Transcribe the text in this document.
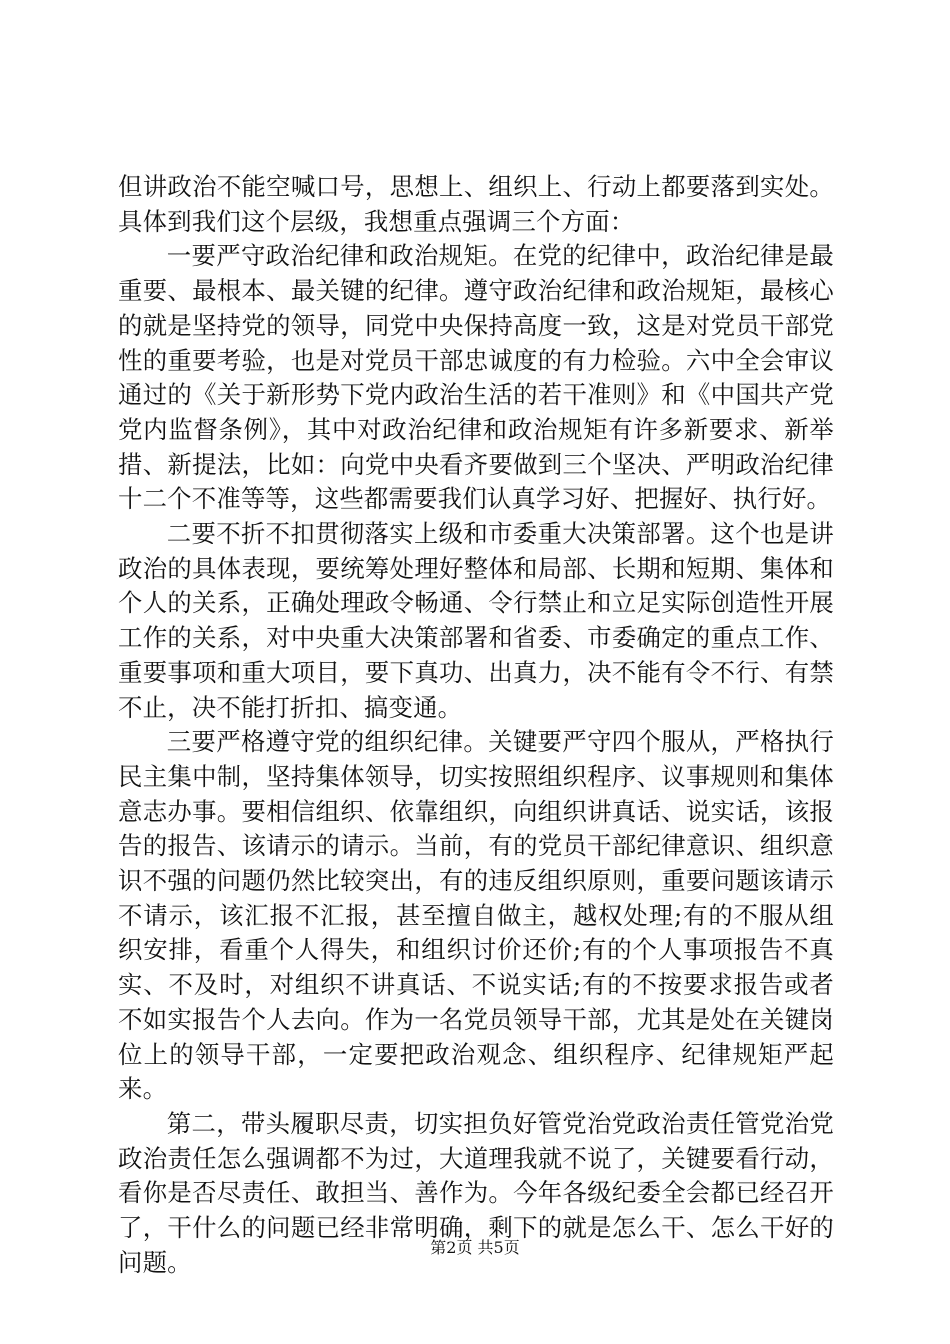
但讲政治不能空喊口号，思想上、组织上、行动上都要落到实处。具体到我们这个层级，我想重点强调三个方面：

一要严守政治纪律和政治规矩。在党的纪律中，政治纪律是最重要、最根本、最关键的纪律。遵守政治纪律和政治规矩，最核心的就是坚持党的领导，同党中央保持高度一致，这是对党员干部党性的重要考验，也是对党员干部忠诚度的有力检验。六中全会审议通过的《关于新形势下党内政治生活的若干准则》和《中国共产党党内监督条例》，其中对政治纪律和政治规矩有许多新要求、新举措、新提法，比如：向党中央看齐要做到三个坚决、严明政治纪律十二个不准等等，这些都需要我们认真学习好、把握好、执行好。

二要不折不扣贯彻落实上级和市委重大决策部署。这个也是讲政治的具体表现，要统筹处理好整体和局部、长期和短期、集体和个人的关系，正确处理政令畅通、令行禁止和立足实际创造性开展工作的关系，对中央重大决策部署和省委、市委确定的重点工作、重要事项和重大项目，要下真功、出真力，决不能有令不行、有禁不止，决不能打折扣、搞变通。

三要严格遵守党的组织纪律。关键要严守四个服从，严格执行民主集中制，坚持集体领导，切实按照组织程序、议事规则和集体意志办事。要相信组织、依靠组织，向组织讲真话、说实话，该报告的报告、该请示的请示。当前，有的党员干部纪律意识、组织意识不强的问题仍然比较突出，有的违反组织原则，重要问题该请示不请示，该汇报不汇报，甚至擅自做主，越权处理;有的不服从组织安排，看重个人得失，和组织讨价还价;有的个人事项报告不真实、不及时，对组织不讲真话、不说实话;有的不按要求报告或者不如实报告个人去向。作为一名党员领导干部，尤其是处在关键岗位上的领导干部，一定要把政治观念、组织程序、纪律规矩严起来。

第二，带头履职尽责，切实担负好管党治党政治责任管党治党政治责任怎么强调都不为过，大道理我就不说了，关键要看行动，看你是否尽责任、敢担当、善作为。今年各级纪委全会都已经召开了，干什么的问题已经非常明确，剩下的就是怎么干、怎么干好的问题。

第2页 共5页
